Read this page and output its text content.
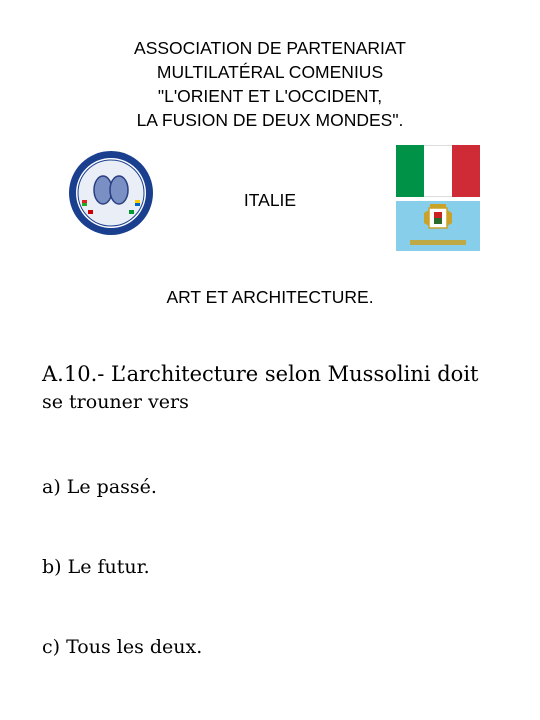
ASSOCIATION DE PARTENARIAT
MULTILATÉRAL COMENIUS
"L'ORIENT ET L'OCCIDENT,
LA FUSION DE DEUX MONDES".
ITALIE
ART ET ARCHITECTURE.
A.10.- L’architecture selon Mussolini doit
se trouner vers
a) Le passé.
b) Le futur.
c) Tous les deux.
